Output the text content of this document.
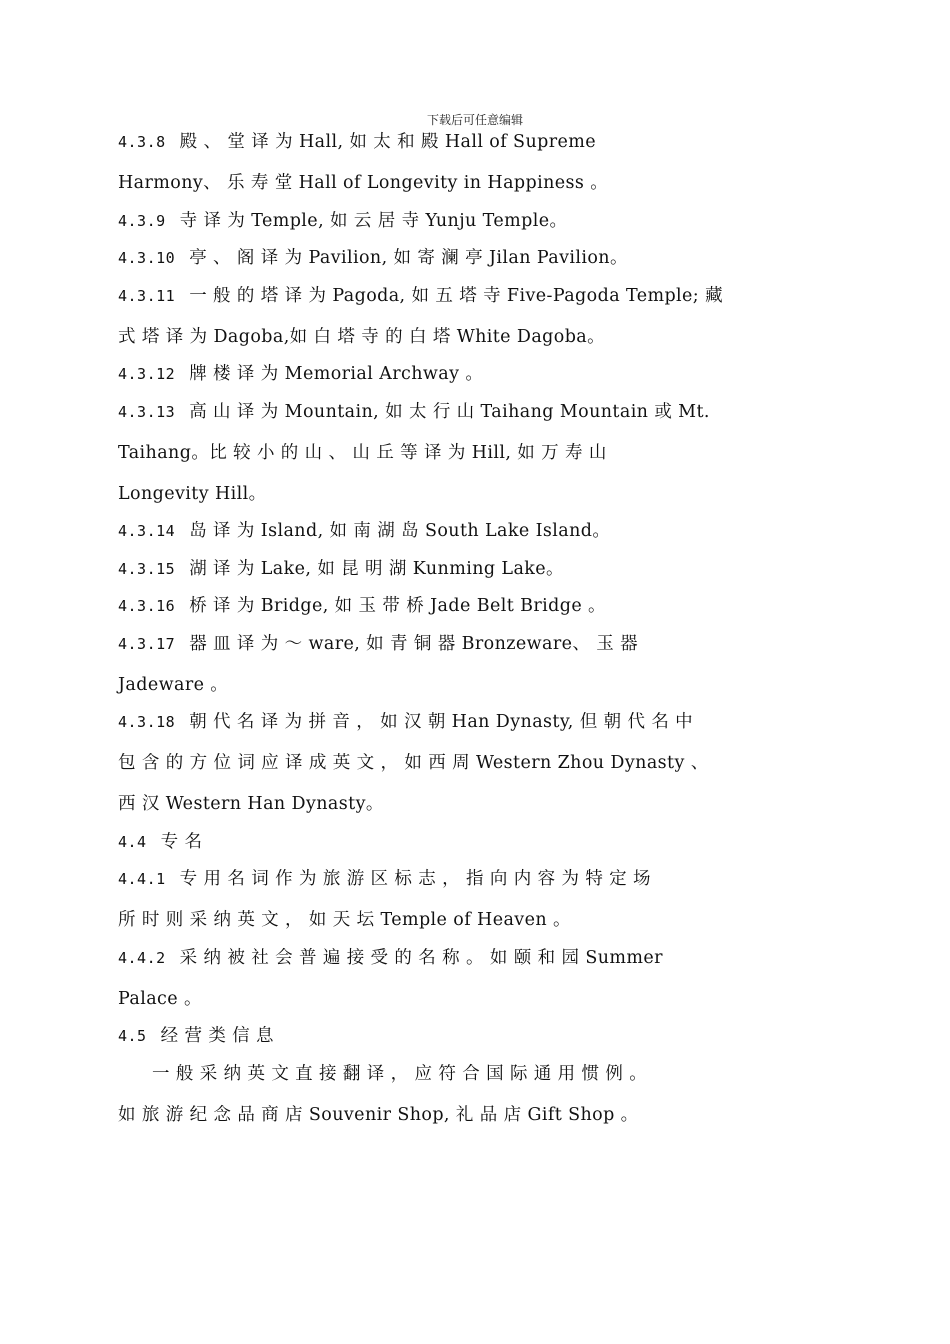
下载后可任意编辑
4.3.8 殿 、 堂 译 为 Hall, 如 太 和 殿 Hall of Supreme
Harmony、 乐 寿 堂 Hall of Longevity in Happiness 。
4.3.9 寺 译 为 Temple, 如 云 居 寺 Yunju Temple。
4.3.10 亭 、 阁 译 为 Pavilion, 如 寄 澜 亭 Jilan Pavilion。
4.3.11 一 般 的 塔 译 为 Pagoda, 如 五 塔 寺 Five-Pagoda Temple; 藏
式 塔 译 为 Dagoba,如 白 塔 寺 的 白 塔 White Dagoba。
4.3.12 牌 楼 译 为 Memorial Archway 。
4.3.13 高 山 译 为 Mountain, 如 太 行 山 Taihang Mountain 或 Mt.
Taihang。比 较 小 的 山 、 山 丘 等 译 为 Hill, 如 万 寿 山
Longevity Hill。
4.3.14 岛 译 为 Island, 如 南 湖 岛 South Lake Island。
4.3.15 湖 译 为 Lake, 如 昆 明 湖 Kunming Lake。
4.3.16 桥 译 为 Bridge, 如 玉 带 桥 Jade Belt Bridge 。
4.3.17 器 皿 译 为 ～ ware, 如 青 铜 器 Bronzeware、 玉 器
Jadeware 。
4.3.18 朝 代 名 译 为 拼 音 ， 如 汉 朝 Han Dynasty, 但 朝 代 名 中
包 含 的 方 位 词 应 译 成 英 文 ， 如 西 周 Western Zhou Dynasty 、
西 汉 Western Han Dynasty。
4.4 专 名
4.4.1 专 用 名 词 作 为 旅 游 区 标 志 ， 指 向 内 容 为 特 定 场
所 时 则 采 纳 英 文 ， 如 天 坛 Temple of Heaven 。
4.4.2 采 纳 被 社 会 普 遍 接 受 的 名 称 。 如 颐 和 园 Summer
Palace 。
4.5 经 营 类 信 息
一 般 采 纳 英 文 直 接 翻 译 ， 应 符 合 国 际 通 用 惯 例 。
如 旅 游 纪 念 品 商 店 Souvenir Shop, 礼 品 店 Gift Shop 。
